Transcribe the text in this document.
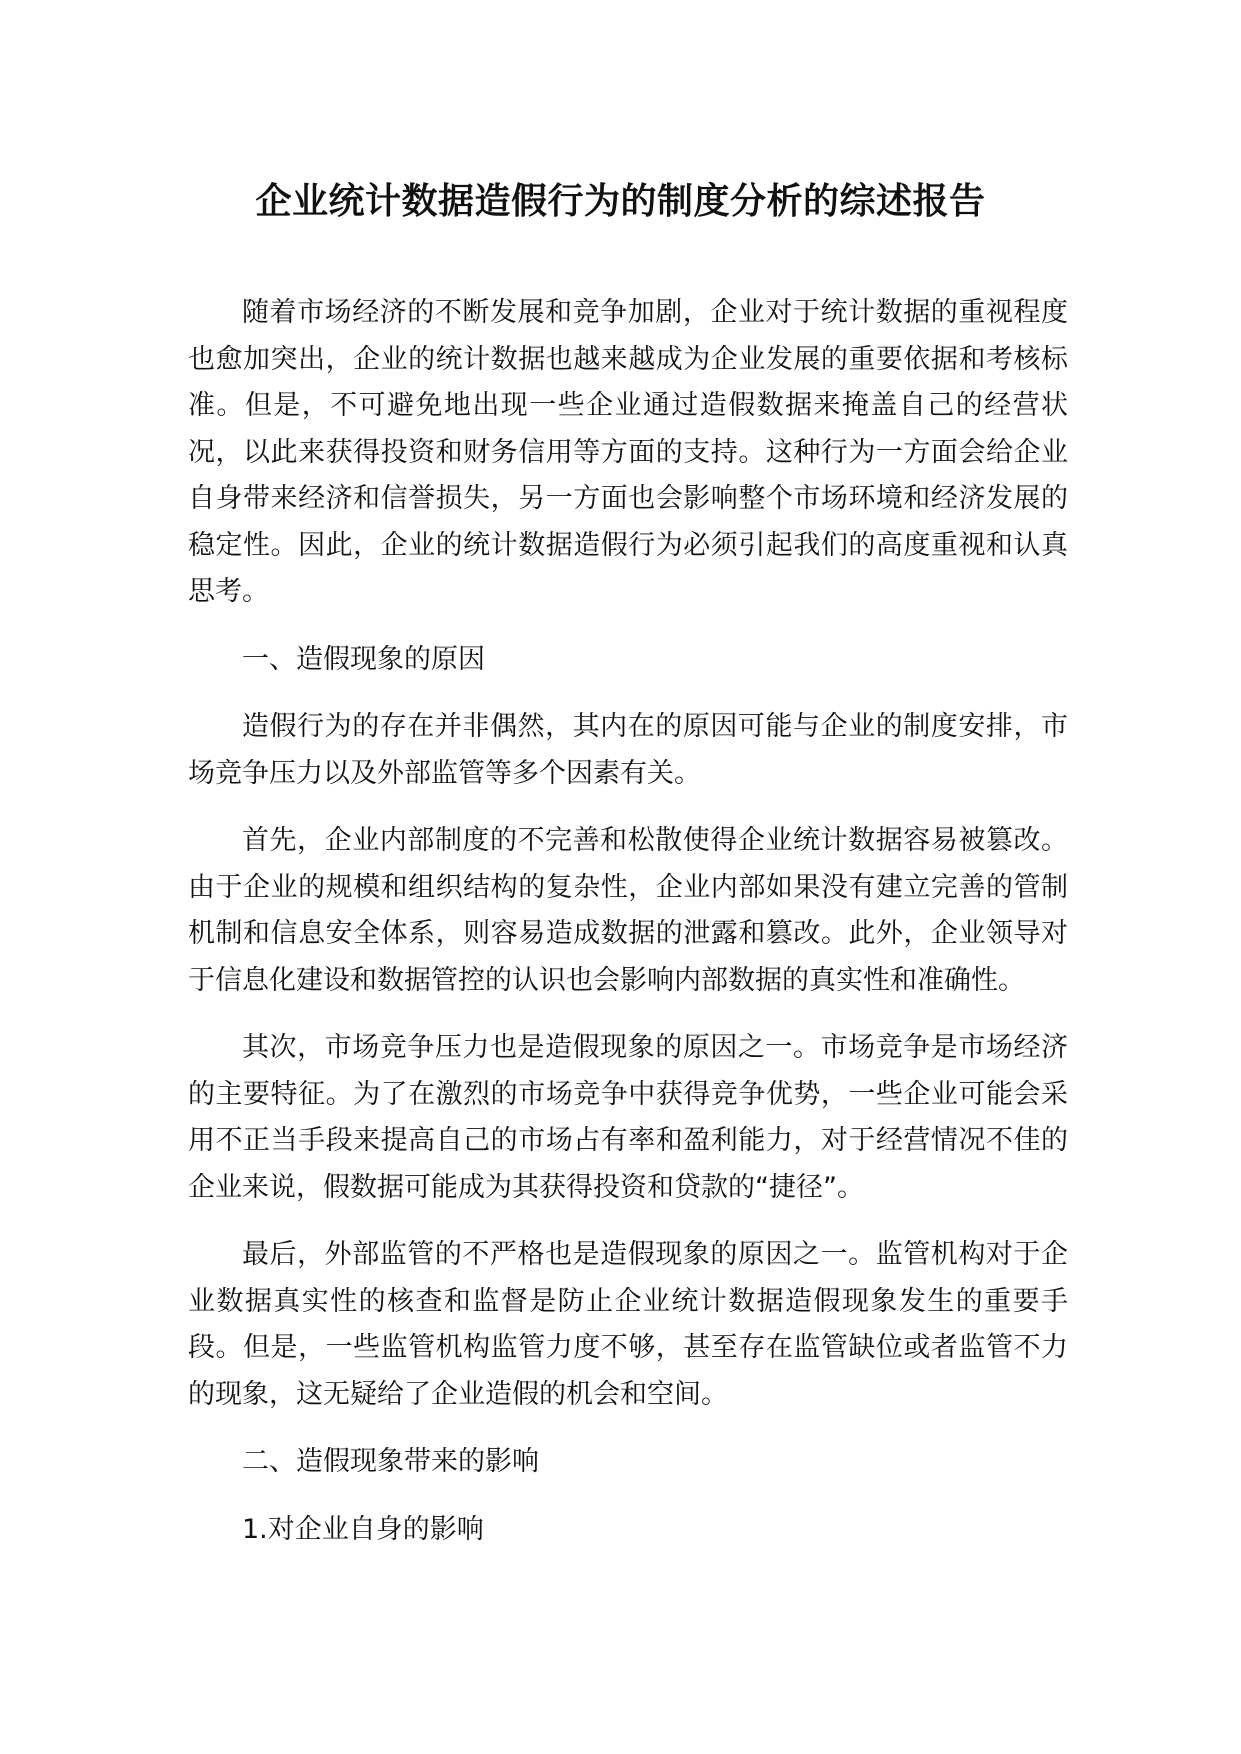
企业统计数据造假行为的制度分析的综述报告

随着市场经济的不断发展和竞争加剧，企业对于统计数据的重视程度也愈加突出，企业的统计数据也越来越成为企业发展的重要依据和考核标准。但是，不可避免地出现一些企业通过造假数据来掩盖自己的经营状况，以此来获得投资和财务信用等方面的支持。这种行为一方面会给企业自身带来经济和信誉损失，另一方面也会影响整个市场环境和经济发展的稳定性。因此，企业的统计数据造假行为必须引起我们的高度重视和认真思考。

一、造假现象的原因

造假行为的存在并非偶然，其内在的原因可能与企业的制度安排，市场竞争压力以及外部监管等多个因素有关。

首先，企业内部制度的不完善和松散使得企业统计数据容易被篡改。由于企业的规模和组织结构的复杂性，企业内部如果没有建立完善的管制机制和信息安全体系，则容易造成数据的泄露和篡改。此外，企业领导对于信息化建设和数据管控的认识也会影响内部数据的真实性和准确性。

其次，市场竞争压力也是造假现象的原因之一。市场竞争是市场经济的主要特征。为了在激烈的市场竞争中获得竞争优势，一些企业可能会采用不正当手段来提高自己的市场占有率和盈利能力，对于经营情况不佳的企业来说，假数据可能成为其获得投资和贷款的“捷径”。

最后，外部监管的不严格也是造假现象的原因之一。监管机构对于企业数据真实性的核查和监督是防止企业统计数据造假现象发生的重要手段。但是，一些监管机构监管力度不够，甚至存在监管缺位或者监管不力的现象，这无疑给了企业造假的机会和空间。

二、造假现象带来的影响

1.对企业自身的影响
